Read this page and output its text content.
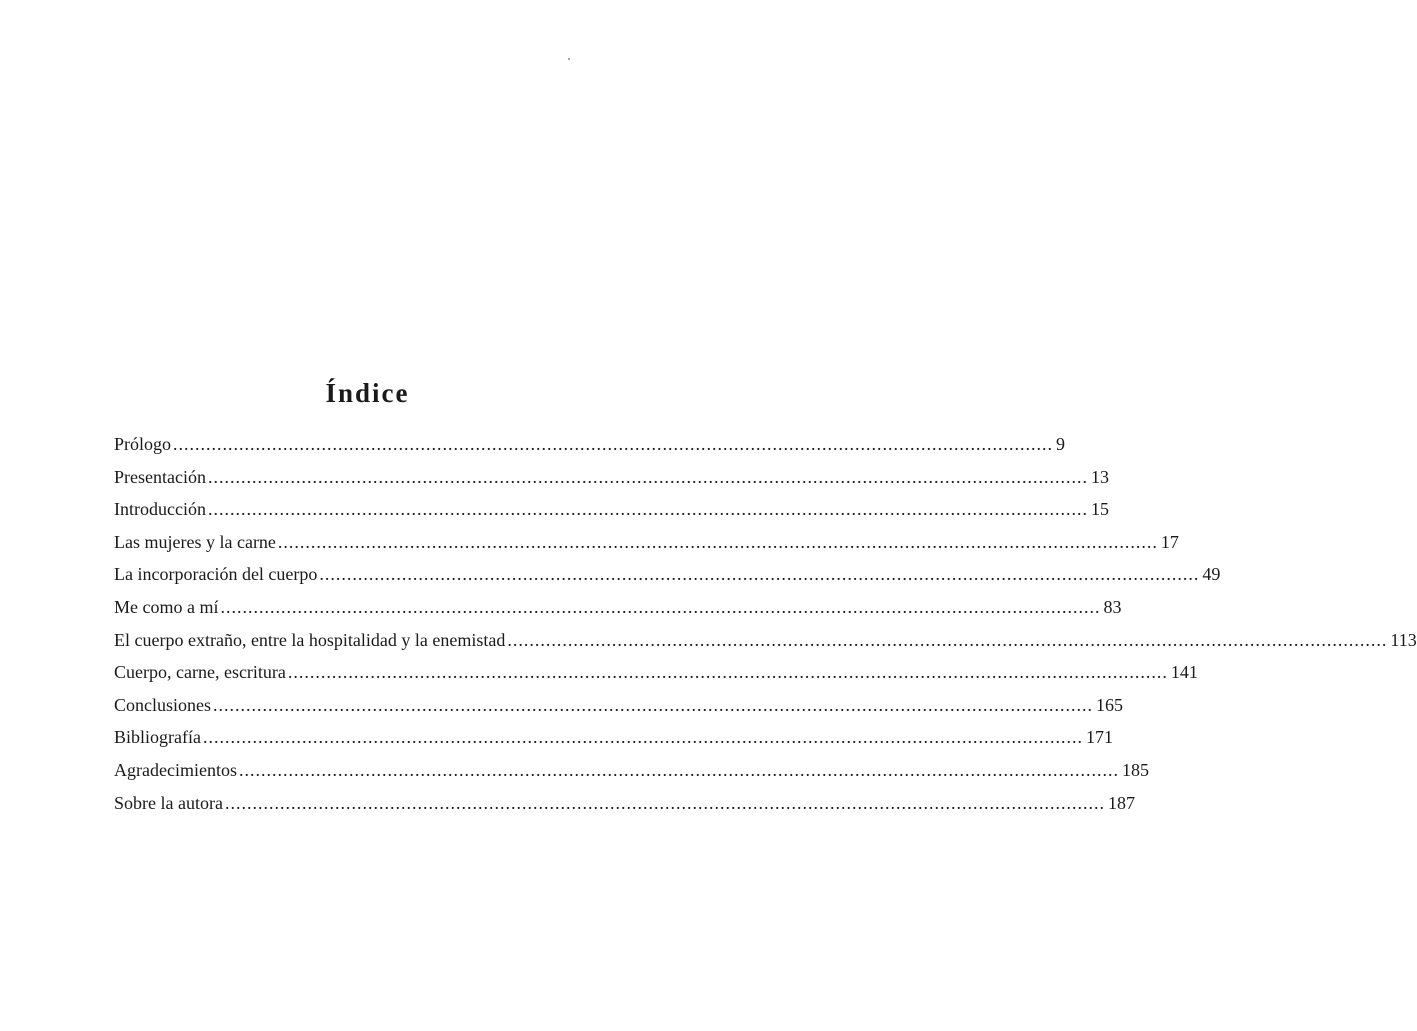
Índice
Prólogo ................................................................................................................................................................ 9
Presentación ................................................................................................................................................................ 13
Introducción ................................................................................................................................................................ 15
Las mujeres y la carne ................................................................................................................................................................ 17
La incorporación del cuerpo ................................................................................................................................................................ 49
Me como a mí ................................................................................................................................................................ 83
El cuerpo extraño, entre la hospitalidad y la enemistad ................................................................................................................................................................ 113
Cuerpo, carne, escritura ................................................................................................................................................................ 141
Conclusiones ................................................................................................................................................................ 165
Bibliografía ................................................................................................................................................................ 171
Agradecimientos ................................................................................................................................................................ 185
Sobre la autora ................................................................................................................................................................ 187
